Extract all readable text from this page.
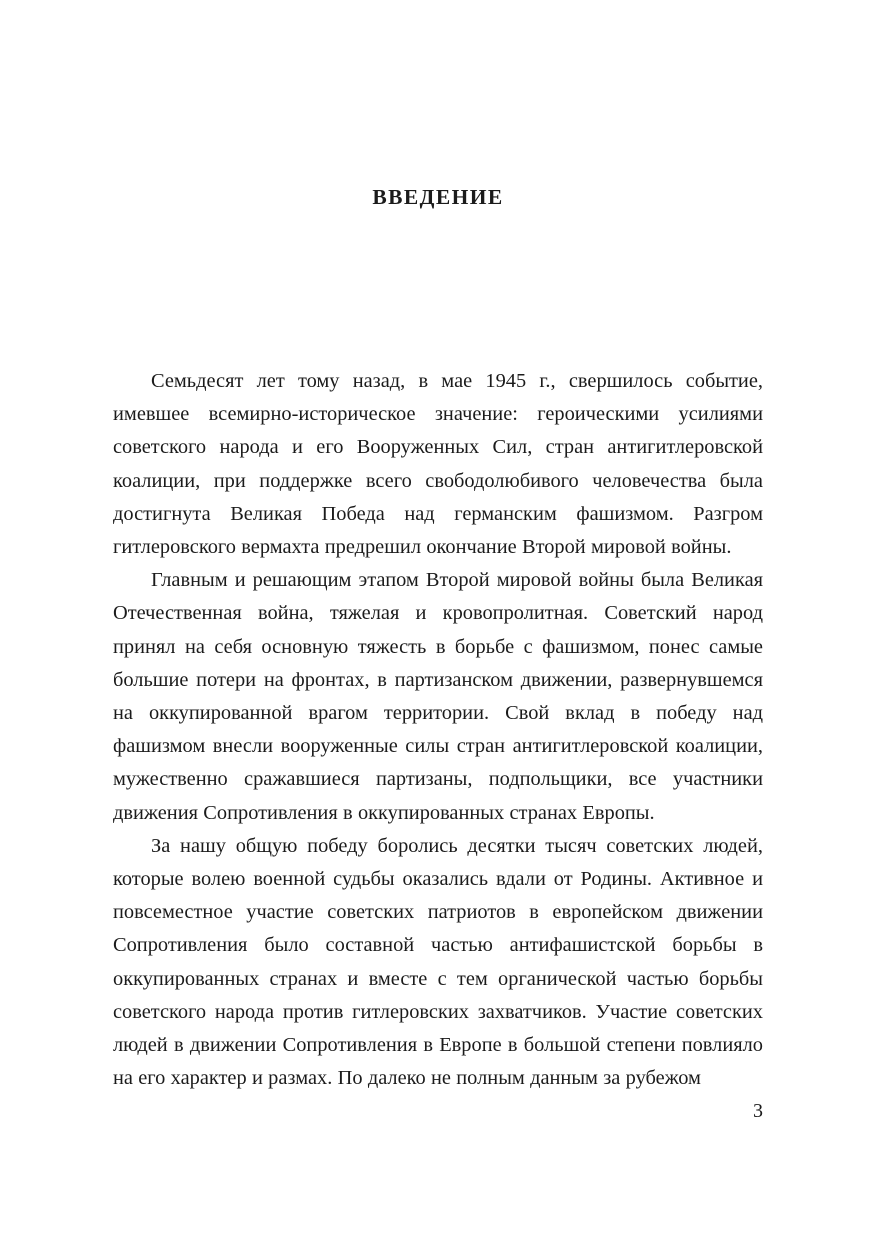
ВВЕДЕНИЕ

Семьдесят лет тому назад, в мае 1945 г., свершилось событие, имевшее всемирно-историческое значение: героическими усилиями советского народа и его Вооруженных Сил, стран антигитлеровской коалиции, при поддержке всего свободолюбивого человечества была достигнута Великая Победа над германским фашизмом. Разгром гитлеровского вермахта предрешил окончание Второй мировой войны.

Главным и решающим этапом Второй мировой войны была Великая Отечественная война, тяжелая и кровопролитная. Советский народ принял на себя основную тяжесть в борьбе с фашизмом, понес самые большие потери на фронтах, в партизанском движении, развернувшемся на оккупированной врагом территории. Свой вклад в победу над фашизмом внесли вооруженные силы стран антигитлеровской коалиции, мужественно сражавшиеся партизаны, подпольщики, все участники движения Сопротивления в оккупированных странах Европы.

За нашу общую победу боролись десятки тысяч советских людей, которые волею военной судьбы оказались вдали от Родины. Активное и повсеместное участие советских патриотов в европейском движении Сопротивления было составной частью антифашистской борьбы в оккупированных странах и вместе с тем органической частью борьбы советского народа против гитлеровских захватчиков. Участие советских людей в движении Сопротивления в Европе в большой степени повлияло на его характер и размах. По далеко не полным данным за рубежом

3
